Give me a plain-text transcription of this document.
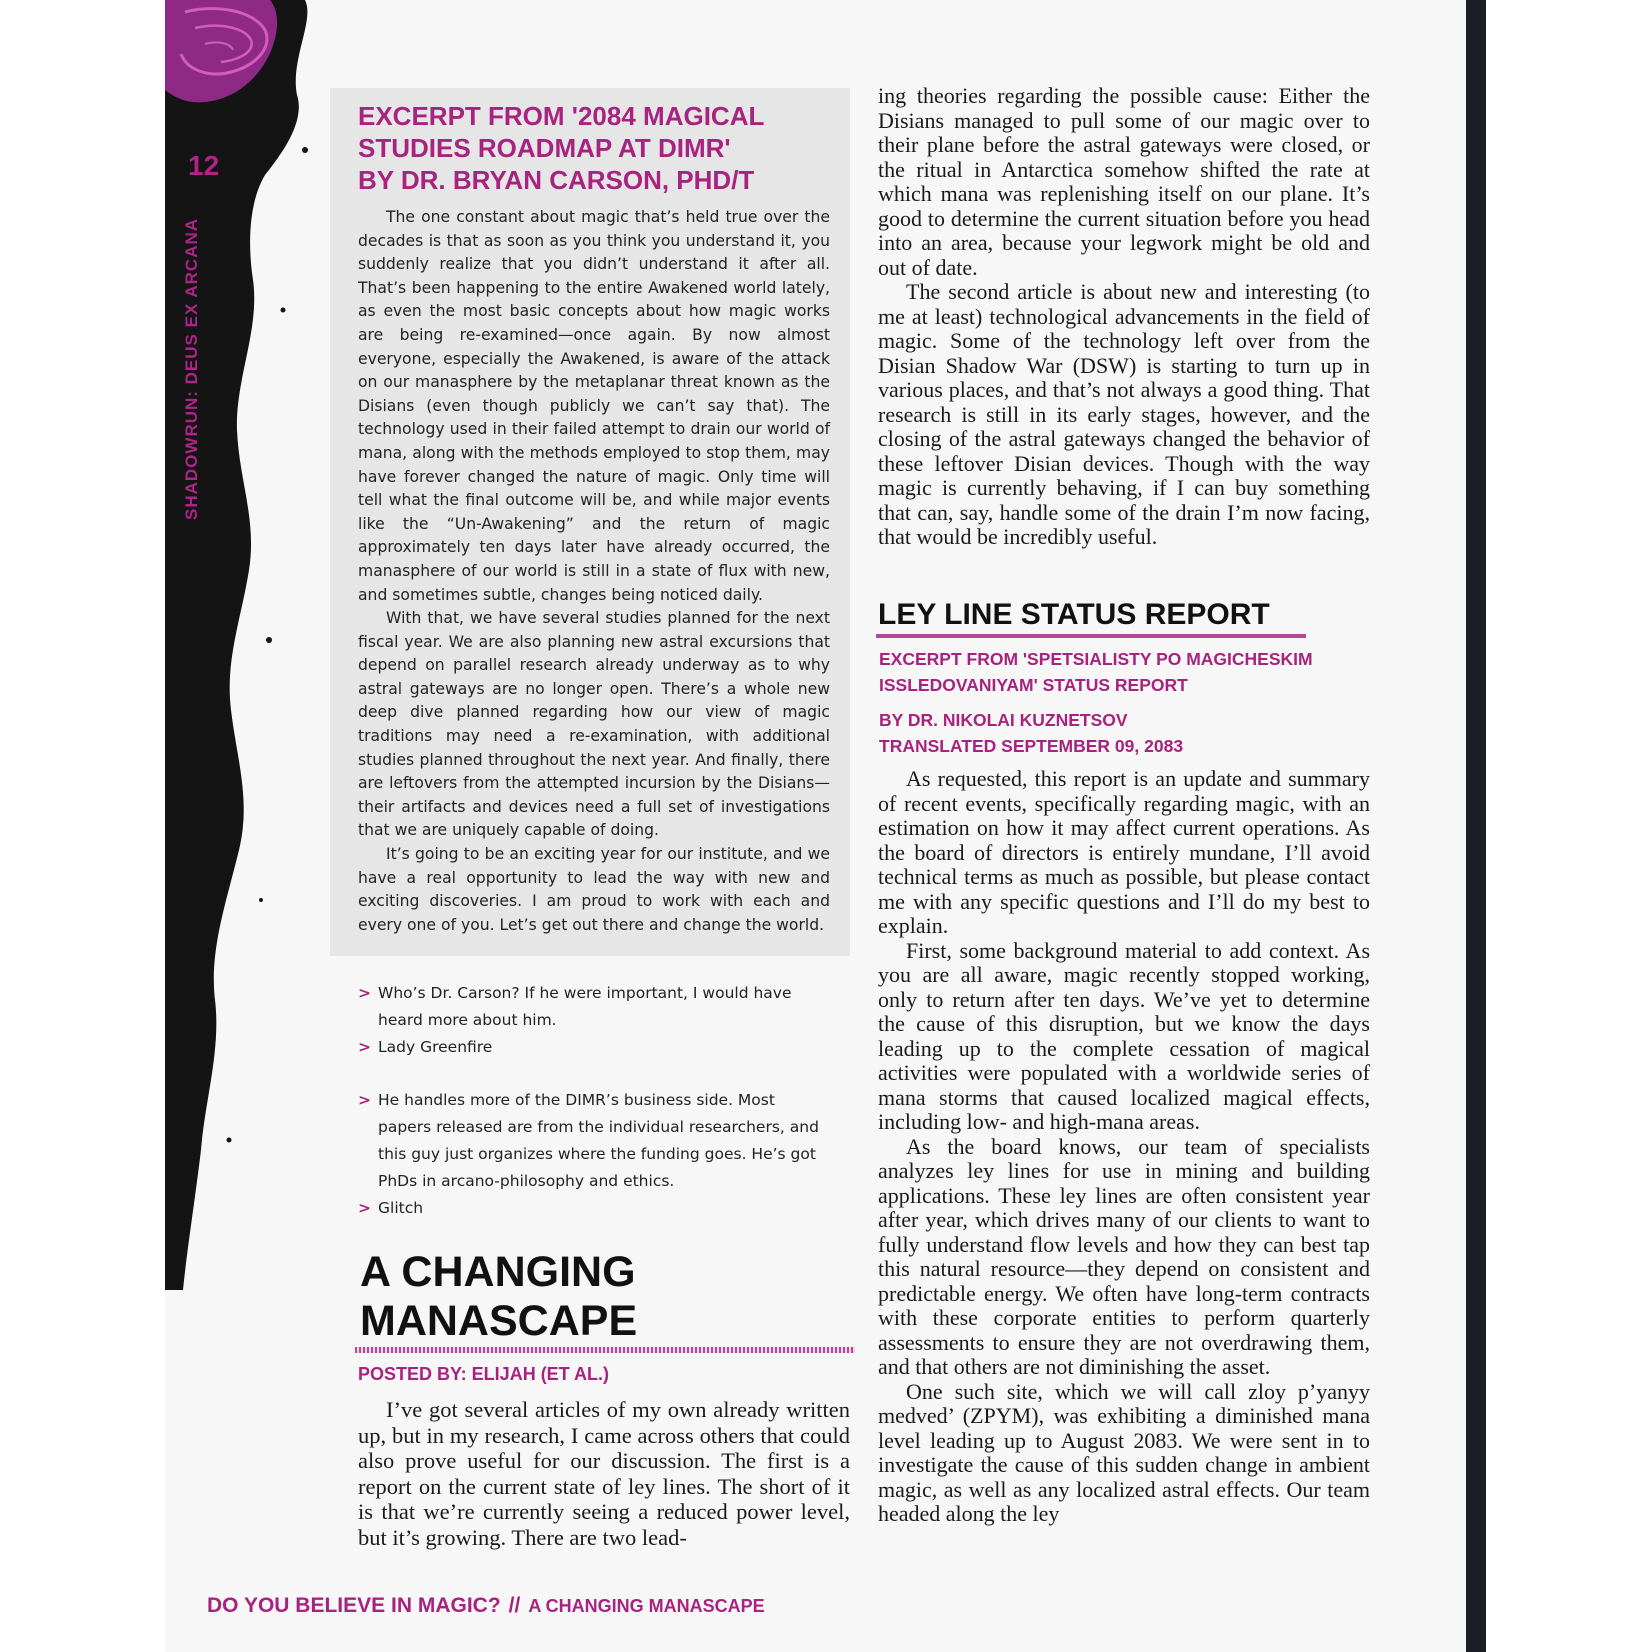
12
SHADOWRUN: DEUS EX ARCANA
EXCERPT FROM '2084 MAGICAL
STUDIES ROADMAP AT DIMR'
BY DR. BRYAN CARSON, PHD/T

The one constant about magic that’s held true over the decades is that as soon as you think you understand it, you suddenly realize that you didn’t understand it after all. That’s been happening to the entire Awakened world lately, as even the most basic concepts about how magic works are being re-examined—once again. By now almost everyone, especially the Awakened, is aware of the attack on our manasphere by the metaplanar threat known as the Disians (even though publicly we can’t say that). The technology used in their failed attempt to drain our world of mana, along with the methods employed to stop them, may have forever changed the nature of magic. Only time will tell what the final outcome will be, and while major events like the “Un-Awakening” and the return of magic approximately ten days later have already occurred, the manasphere of our world is still in a state of flux with new, and sometimes subtle, changes being noticed daily.

With that, we have several studies planned for the next fiscal year. We are also planning new astral excursions that depend on parallel research already underway as to why astral gateways are no longer open. There’s a whole new deep dive planned regarding how our view of magic traditions may need a re-examination, with additional studies planned throughout the next year. And finally, there are leftovers from the attempted incursion by the Disians—their artifacts and devices need a full set of investigations that we are uniquely capable of doing.

It’s going to be an exciting year for our institute, and we have a real opportunity to lead the way with new and exciting discoveries. I am proud to work with each and every one of you. Let’s get out there and change the world.

> Who’s Dr. Carson? If he were important, I would have heard more about him.
> Lady Greenfire
> He handles more of the DIMR’s business side. Most papers released are from the individual researchers, and this guy just organizes where the funding goes. He’s got PhDs in arcano-philosophy and ethics.
> Glitch
A CHANGING
MANASCAPE
POSTED BY: ELIJAH (ET AL.)

I’ve got several articles of my own already written up, but in my research, I came across others that could also prove useful for our discussion. The first is a report on the current state of ley lines. The short of it is that we’re currently seeing a reduced power level, but it’s growing. There are two lead-

ing theories regarding the possible cause: Either the Disians managed to pull some of our magic over to their plane before the astral gateways were closed, or the ritual in Antarctica somehow shifted the rate at which mana was replenishing itself on our plane. It’s good to determine the current situation before you head into an area, because your legwork might be old and out of date.

The second article is about new and interesting (to me at least) technological advancements in the field of magic. Some of the technology left over from the Disian Shadow War (DSW) is starting to turn up in various places, and that’s not always a good thing. That research is still in its early stages, however, and the closing of the astral gateways changed the behavior of these leftover Disian devices. Though with the way magic is currently behaving, if I can buy something that can, say, handle some of the drain I’m now facing, that would be incredibly useful.

LEY LINE STATUS REPORT

EXCERPT FROM 'SPETSIALISTY PO MAGICHESKIM
ISSLEDOVANIYAM' STATUS REPORT

BY DR. NIKOLAI KUZNETSOV
TRANSLATED SEPTEMBER 09, 2083

As requested, this report is an update and summary of recent events, specifically regarding magic, with an estimation on how it may affect current operations. As the board of directors is entirely mundane, I’ll avoid technical terms as much as possible, but please contact me with any specific questions and I’ll do my best to explain.

First, some background material to add context. As you are all aware, magic recently stopped working, only to return after ten days. We’ve yet to determine the cause of this disruption, but we know the days leading up to the complete cessation of magical activities were populated with a worldwide series of mana storms that caused localized magical effects, including low- and high-mana areas.

As the board knows, our team of specialists analyzes ley lines for use in mining and building applications. These ley lines are often consistent year after year, which drives many of our clients to want to fully understand flow levels and how they can best tap this natural resource—they depend on consistent and predictable energy. We often have long-term contracts with these corporate entities to perform quarterly assessments to ensure they are not overdrawing them, and that others are not diminishing the asset.

One such site, which we will call zloy p’yanyy medved’ (ZPYM), was exhibiting a diminished mana level leading up to August 2083. We were sent in to investigate the cause of this sudden change in ambient magic, as well as any localized astral effects. Our team headed along the ley

DO YOU BELIEVE IN MAGIC? // A CHANGING MANASCAPE
